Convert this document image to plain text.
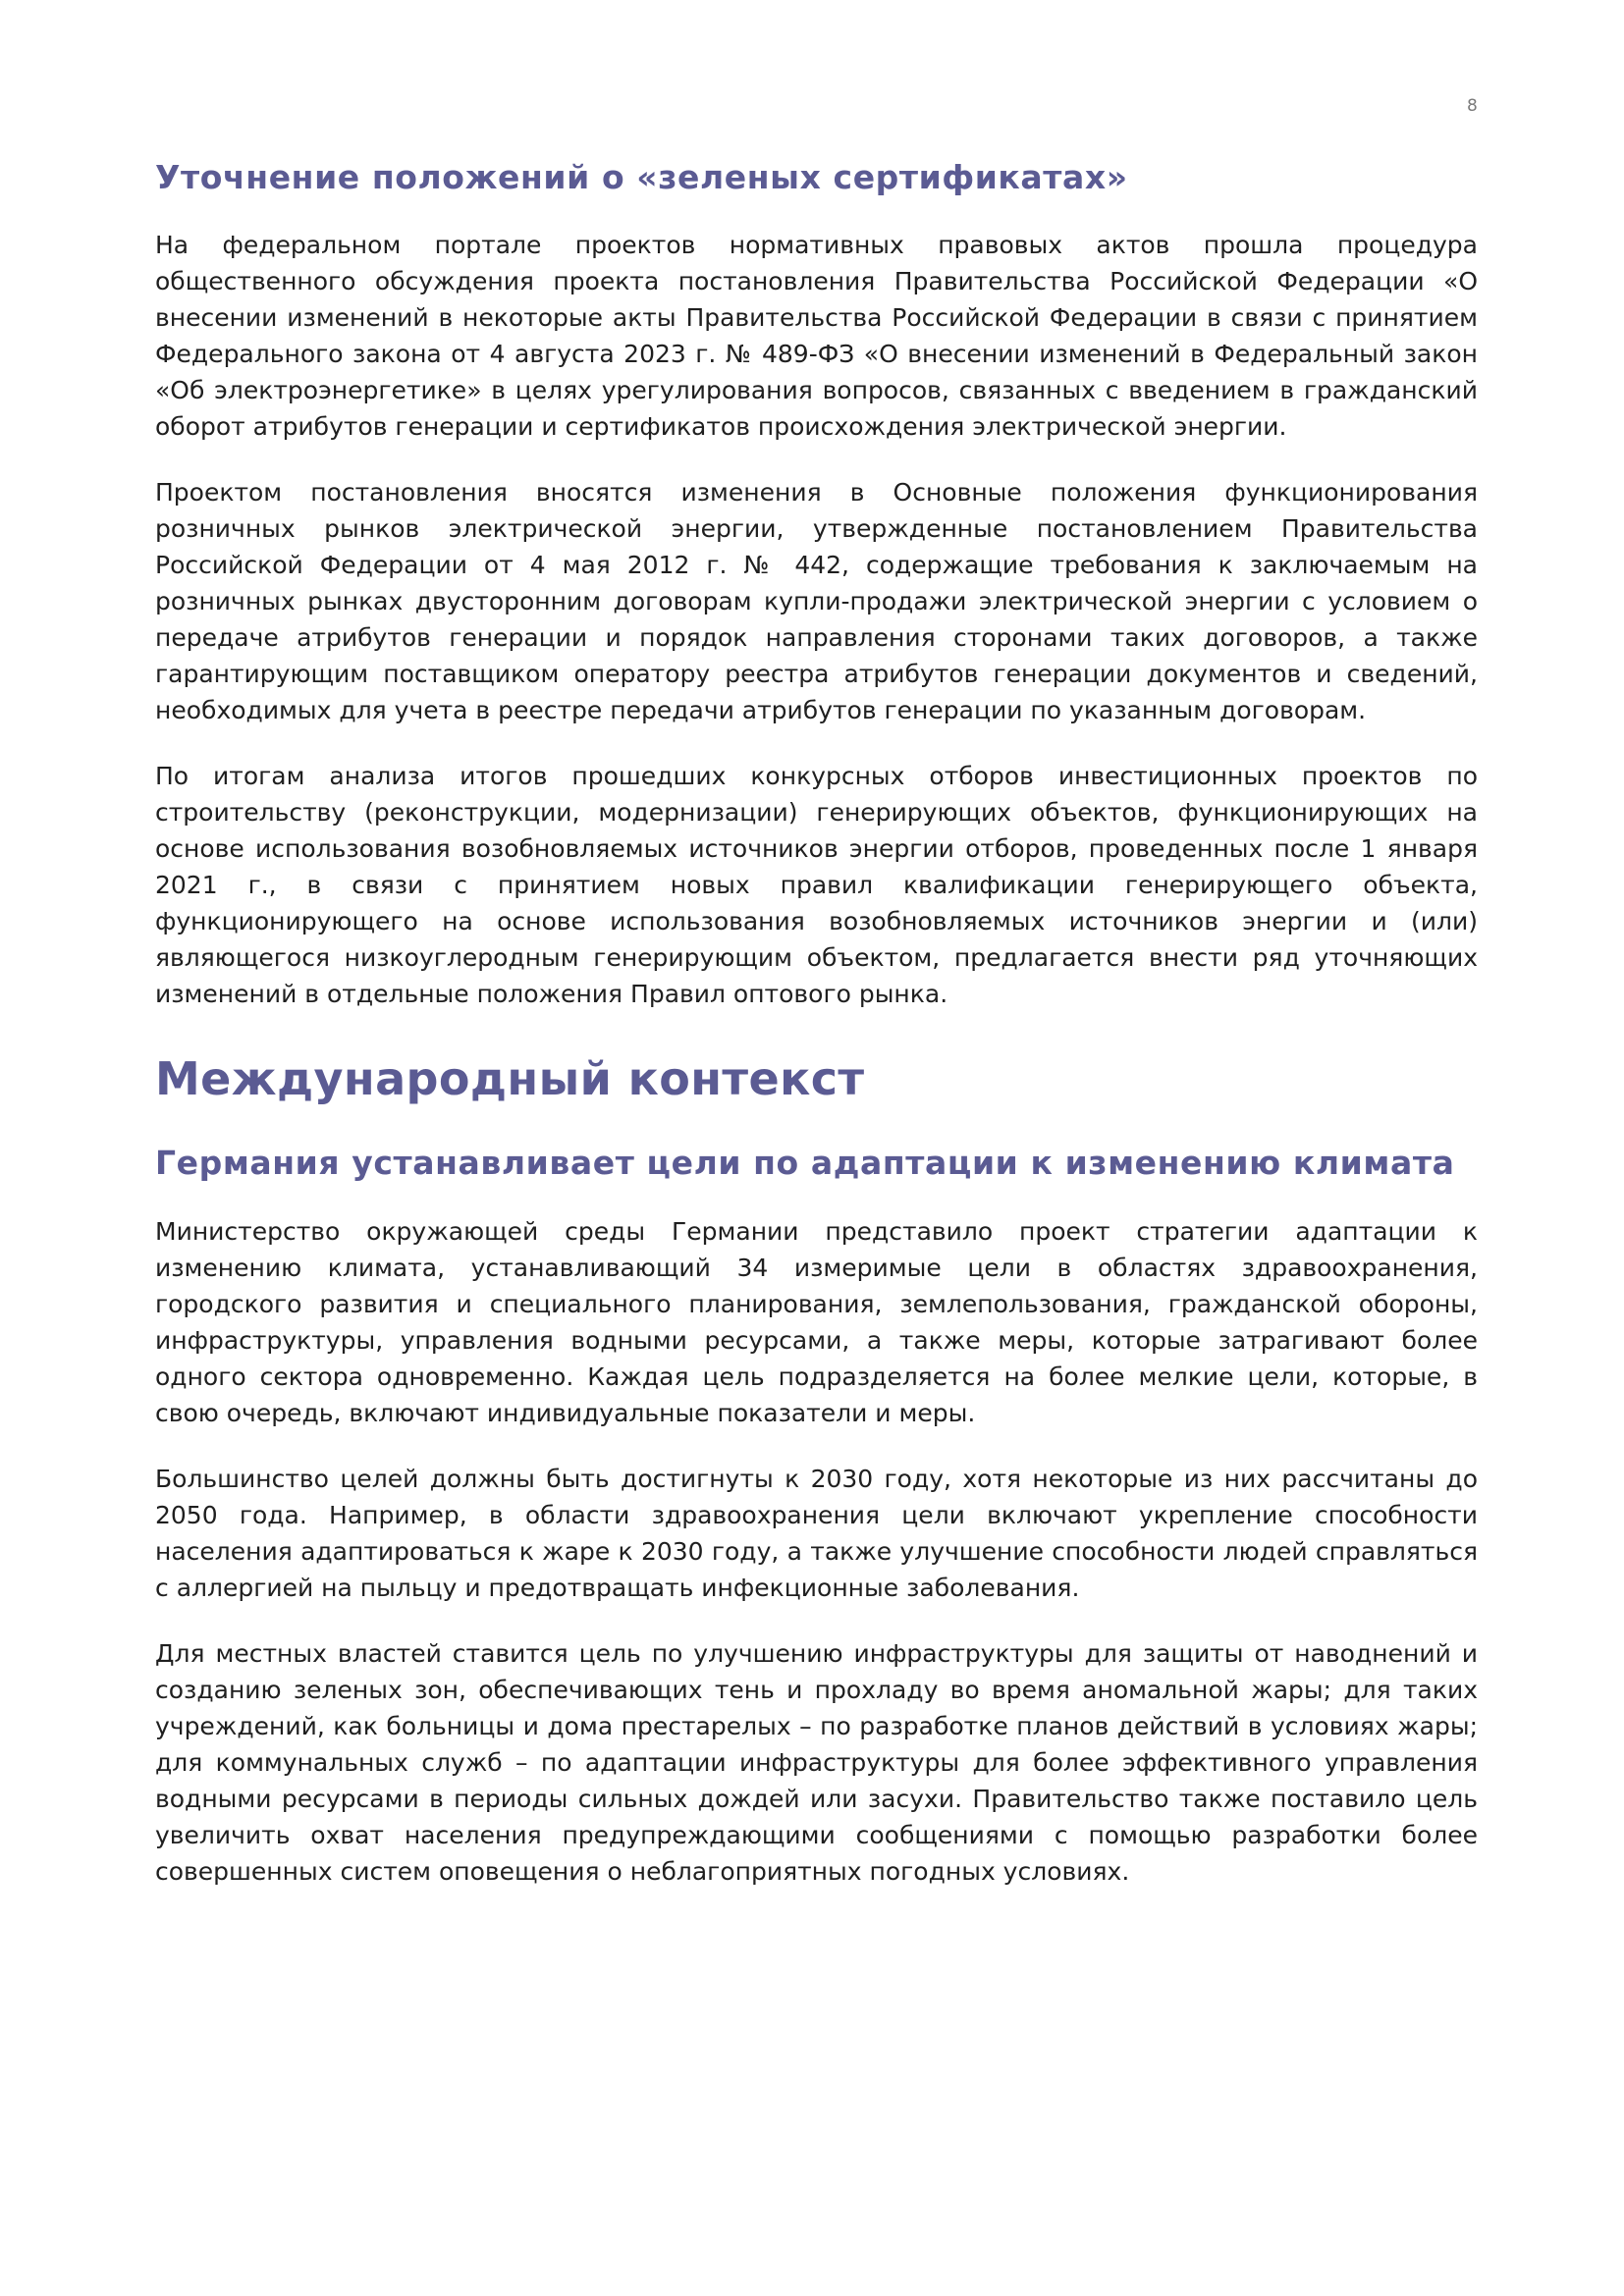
8
Уточнение положений о «зеленых сертификатах»

На федеральном портале проектов нормативных правовых актов прошла процедура общественного обсуждения проекта постановления Правительства Российской Федерации «О внесении изменений в некоторые акты Правительства Российской Федерации в связи с принятием Федерального закона от 4 августа 2023 г. № 489-ФЗ «О внесении изменений в Федеральный закон «Об электроэнергетике» в целях урегулирования вопросов, связанных с введением в гражданский оборот атрибутов генерации и сертификатов происхождения электрической энергии.

Проектом постановления вносятся изменения в Основные положения функционирования розничных рынков электрической энергии, утвержденные постановлением Правительства Российской Федерации от 4 мая 2012 г. № 442, содержащие требования к заключаемым на розничных рынках двусторонним договорам купли-продажи электрической энергии с условием о передаче атрибутов генерации и порядок направления сторонами таких договоров, а также гарантирующим поставщиком оператору реестра атрибутов генерации документов и сведений, необходимых для учета в реестре передачи атрибутов генерации по указанным договорам.

По итогам анализа итогов прошедших конкурсных отборов инвестиционных проектов по строительству (реконструкции, модернизации) генерирующих объектов, функционирующих на основе использования возобновляемых источников энергии отборов, проведенных после 1 января 2021 г., в связи с принятием новых правил квалификации генерирующего объекта, функционирующего на основе использования возобновляемых источников энергии и (или) являющегося низкоуглеродным генерирующим объектом, предлагается внести ряд уточняющих изменений в отдельные положения Правил оптового рынка.

Международный контекст
Германия устанавливает цели по адаптации к изменению климата

Министерство окружающей среды Германии представило проект стратегии адаптации к изменению климата, устанавливающий 34 измеримые цели в областях здравоохранения, городского развития и специального планирования, землепользования, гражданской обороны, инфраструктуры, управления водными ресурсами, а также меры, которые затрагивают более одного сектора одновременно. Каждая цель подразделяется на более мелкие цели, которые, в свою очередь, включают индивидуальные показатели и меры.

Большинство целей должны быть достигнуты к 2030 году, хотя некоторые из них рассчитаны до 2050 года. Например, в области здравоохранения цели включают укрепление способности населения адаптироваться к жаре к 2030 году, а также улучшение способности людей справляться с аллергией на пыльцу и предотвращать инфекционные заболевания.

Для местных властей ставится цель по улучшению инфраструктуры для защиты от наводнений и созданию зеленых зон, обеспечивающих тень и прохладу во время аномальной жары; для таких учреждений, как больницы и дома престарелых – по разработке планов действий в условиях жары; для коммунальных служб – по адаптации инфраструктуры для более эффективного управления водными ресурсами в периоды сильных дождей или засухи. Правительство также поставило цель увеличить охват населения предупреждающими сообщениями с помощью разработки более совершенных систем оповещения о неблагоприятных погодных условиях.
